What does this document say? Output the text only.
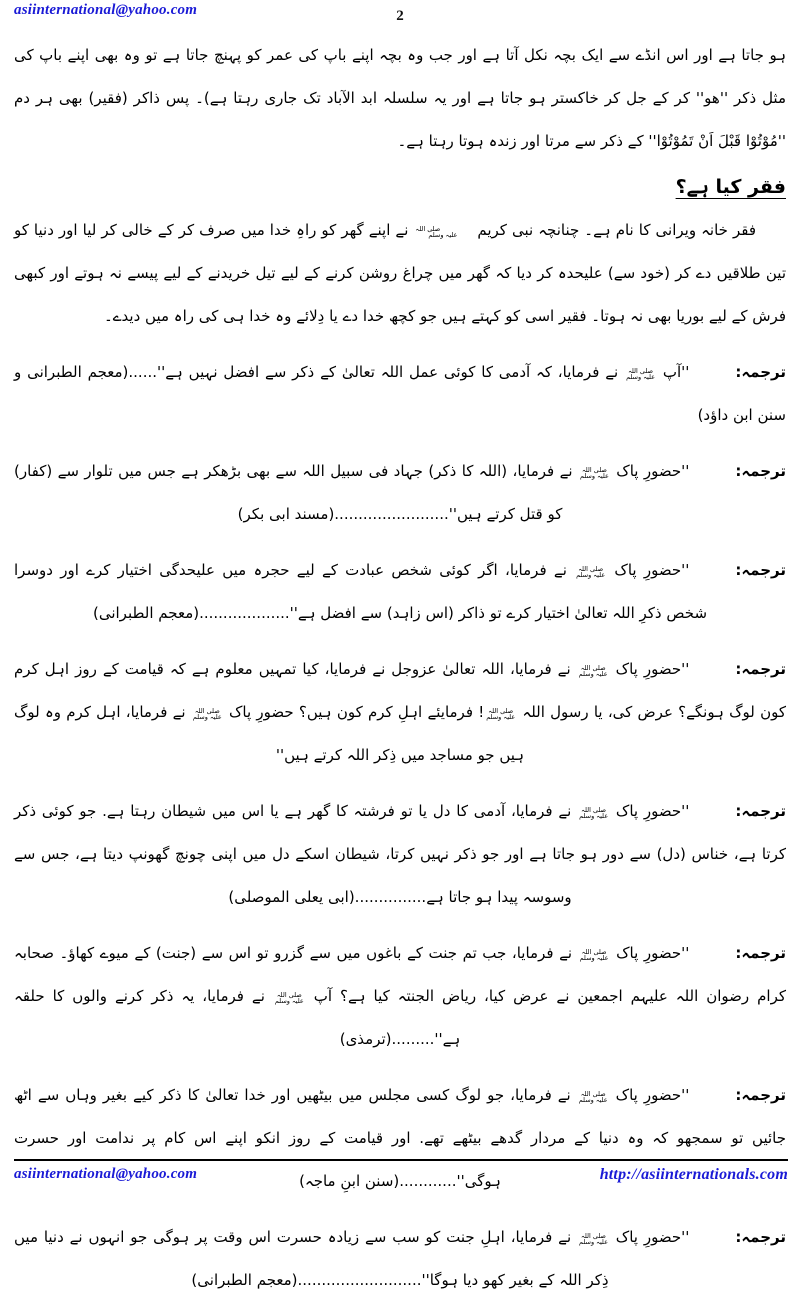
asiinternational@yahoo.com	2

ہو جاتا ہے اور اس انڈے سے ایک بچہ نکل آتا ہے اور جب وہ بچہ اپنے باپ کی عمر کو پہنچ جاتا ہے تو وہ بھی اپنے باپ کی مثل ذکر ''ھو'' کر کے جل کر خاکستر ہو جاتا ہے اور یہ سلسلہ ابد الآباد تک جاری رہتا ہے)۔ پس ذاکر (فقیر) بھی ہر دم ''مُوْتُوْا قَبْلَ اَنْ تَمُوْتُوْا'' کے ذکر سے مرتا اور زندہ ہوتا رہتا ہے۔

فقر کیا ہے؟

فقر خانہ ویرانی کا نام ہے۔ چنانچہ نبی کریم صلی اللہ
علیہ وسلم نے اپنے گھر کو راہِ خدا میں صرف کر کے خالی کر لیا اور دنیا کو تین طلاقیں دے کر (خود سے) علیحدہ کر دیا کہ گھر میں چراغ روشن کرنے کے لیے تیل خریدنے کے لیے پیسے نہ ہوتے اور کبھی فرش کے لیے بوریا بھی نہ ہوتا۔ فقیر اسی کو کہتے ہیں جو کچھ خدا دے یا دِلائے وہ خدا ہی کی راہ میں دیدے۔

ترجمہ:''آپ صلی اللہ
علیہ وسلم نے فرمایا، کہ آدمی کا کوئی عمل اللہ تعالیٰ کے ذکر سے افضل نہیں ہے''......(معجم الطبرانی و سنن ابن داؤد)

ترجمہ:''حضورِ پاک صلی اللہ
علیہ وسلم نے فرمایا، (اللہ کا ذکر) جہاد فی سبیل اللہ سے بھی بڑھکر ہے جس میں تلوار سے (کفار) کو قتل کرتے ہیں''........................(مسند ابی بکر)

ترجمہ:''حضورِ پاک صلی اللہ
علیہ وسلم نے فرمایا، اگر کوئی شخص عبادت کے لیے حجرہ میں علیحدگی اختیار کرے اور دوسرا شخص ذکرِ اللہ تعالیٰ اختیار کرے تو ذاکر (اس زاہد) سے افضل ہے''...................(معجم الطبرانی)

ترجمہ:''حضورِ پاک صلی اللہ
علیہ وسلم نے فرمایا، اللہ تعالیٰ عزوجل نے فرمایا، کیا تمہیں معلوم ہے کہ قیامت کے روز اہل کرم کون لوگ ہونگے؟ عرض کی، یا رسول اللہ صلی اللہ
علیہ وسلم! فرمایئے اہلِ کرم کون ہیں؟ حضورِ پاک صلی اللہ
علیہ وسلم نے فرمایا، اہل کرم وہ لوگ ہیں جو مساجد میں ذِکر اللہ کرتے ہیں''

ترجمہ:''حضورِ پاک صلی اللہ
علیہ وسلم نے فرمایا، آدمی کا دل یا تو فرشتہ کا گھر ہے یا اس میں شیطان رہتا ہے. جو کوئی ذکر کرتا ہے، خناس (دل) سے دور ہو جاتا ہے اور جو ذکر نہیں کرتا، شیطان اسکے دل میں اپنی چونچ گھونپ دیتا ہے، جس سے وسوسہ پیدا ہو جاتا ہے...............(ابی یعلی الموصلی)

ترجمہ:''حضورِ پاک صلی اللہ
علیہ وسلم نے فرمایا، جب تم جنت کے باغوں میں سے گزرو تو اس سے (جنت) کے میوے کھاؤ۔ صحابہ کرام رضوان اللہ علیہم اجمعین نے عرض کیا، ریاض الجنتہ کیا ہے؟ آپ صلی اللہ
علیہ وسلم نے فرمایا، یہ ذکر کرنے والوں کا حلقہ ہے''.........(ترمذی)

ترجمہ:''حضورِ پاک صلی اللہ
علیہ وسلم نے فرمایا، جو لوگ کسی مجلس میں بیٹھیں اور خدا تعالیٰ کا ذکر کیے بغیر وہاں سے اٹھ جائیں تو سمجھو کہ وہ دنیا کے مردار گدھے بیٹھے تھے. اور قیامت کے روز انکو اپنے اس کام پر ندامت اور حسرت ہوگی''............(سنن ابنِ ماجہ)

ترجمہ:''حضورِ پاک صلی اللہ
علیہ وسلم نے فرمایا، اہلِ جنت کو سب سے زیادہ حسرت اس وقت پر ہوگی جو انہوں نے دنیا میں ذِکر اللہ کے بغیر کھو دیا ہوگا''..........................(معجم الطبرانی)

asiinternational@yahoo.com	http://asiinternationals.com
